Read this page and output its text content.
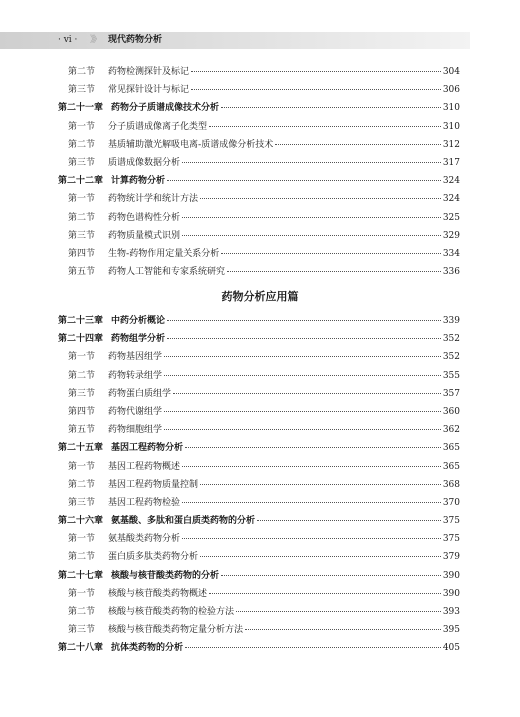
· vi · 》》 现代药物分析
第二节	药物检测探针及标记	304
第三节	常见探针设计与标记	306
第二十一章 药物分子质谱成像技术分析	310
第一节	分子质谱成像离子化类型	310
第二节	基质辅助激光解吸电离-质谱成像分析技术	312
第三节	质谱成像数据分析	317
第二十二章 计算药物分析	324
第一节	药物统计学和统计方法	324
第二节	药物色谱构性分析	325
第三节	药物质量模式识别	329
第四节	生物-药物作用定量关系分析	334
第五节	药物人工智能和专家系统研究	336
药物分析应用篇
第二十三章 中药分析概论	339
第二十四章 药物组学分析	352
第一节	药物基因组学	352
第二节	药物转录组学	355
第三节	药物蛋白质组学	357
第四节	药物代谢组学	360
第五节	药物细胞组学	362
第二十五章 基因工程药物分析	365
第一节	基因工程药物概述	365
第二节	基因工程药物质量控制	368
第三节	基因工程药物检验	370
第二十六章 氨基酸、多肽和蛋白质类药物的分析	375
第一节	氨基酸类药物分析	375
第二节	蛋白质多肽类药物分析	379
第二十七章 核酸与核苷酸类药物的分析	390
第一节	核酸与核苷酸类药物概述	390
第二节	核酸与核苷酸类药物的检验方法	393
第三节	核酸与核苷酸类药物定量分析方法	395
第二十八章 抗体类药物的分析	405
